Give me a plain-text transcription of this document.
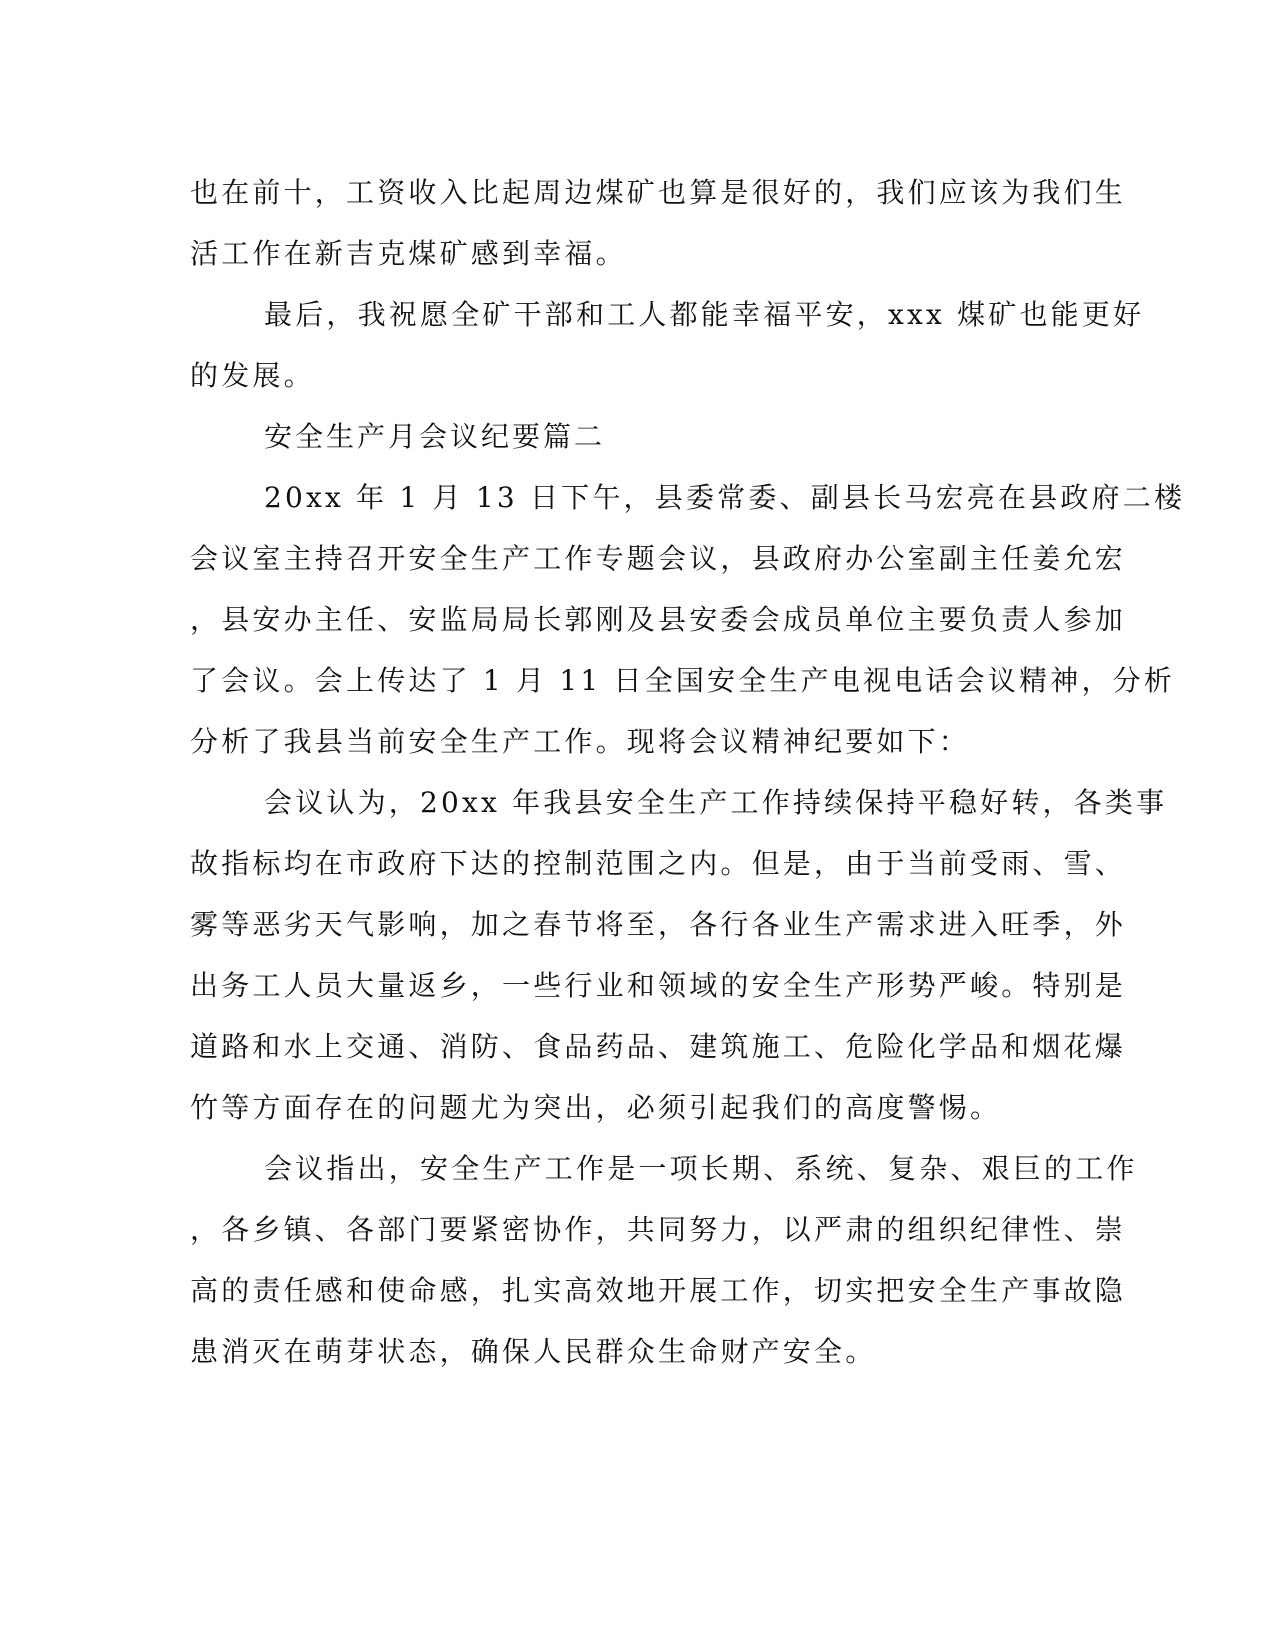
也在前十，工资收入比起周边煤矿也算是很好的，我们应该为我们生
活工作在新吉克煤矿感到幸福。
最后，我祝愿全矿干部和工人都能幸福平安，xxx 煤矿也能更好
的发展。
安全生产月会议纪要篇二
20xx 年 1 月 13 日下午，县委常委、副县长马宏亮在县政府二楼
会议室主持召开安全生产工作专题会议，县政府办公室副主任姜允宏
，县安办主任、安监局局长郭刚及县安委会成员单位主要负责人参加
了会议。会上传达了 1 月 11 日全国安全生产电视电话会议精神，分析
分析了我县当前安全生产工作。现将会议精神纪要如下：
会议认为，20xx 年我县安全生产工作持续保持平稳好转，各类事
故指标均在市政府下达的控制范围之内。但是，由于当前受雨、雪、
雾等恶劣天气影响，加之春节将至，各行各业生产需求进入旺季，外
出务工人员大量返乡，一些行业和领域的安全生产形势严峻。特别是
道路和水上交通、消防、食品药品、建筑施工、危险化学品和烟花爆
竹等方面存在的问题尤为突出，必须引起我们的高度警惕。
会议指出，安全生产工作是一项长期、系统、复杂、艰巨的工作
，各乡镇、各部门要紧密协作，共同努力，以严肃的组织纪律性、崇
高的责任感和使命感，扎实高效地开展工作，切实把安全生产事故隐
患消灭在萌芽状态，确保人民群众生命财产安全。
